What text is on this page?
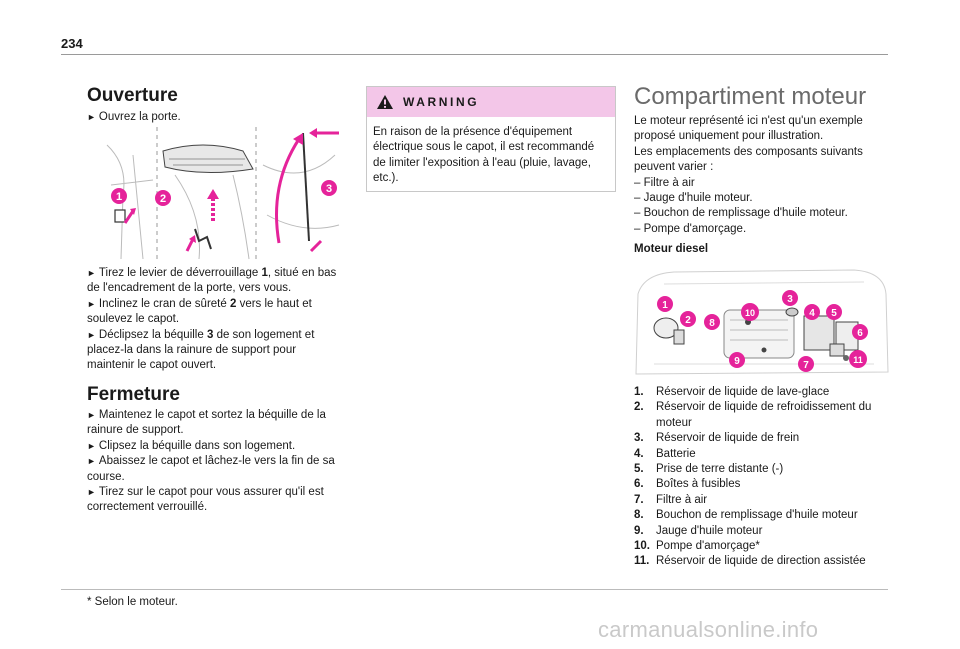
234
Ouverture
► Ouvrez la porte.
1	2
3

► Tirez le levier de déverrouillage 1, situé en bas de l'encadrement de la porte, vers vous.

► Inclinez le cran de sûreté 2 vers le haut et soulevez le capot.

► Déclipsez la béquille 3 de son logement et placez-la dans la rainure de support pour maintenir le capot ouvert.

Fermeture

► Maintenez le capot et sortez la béquille de la rainure de support.

► Clipsez la béquille dans son logement.

► Abaissez le capot et lâchez-le vers la fin de sa course.

► Tirez sur le capot pour vous assurer qu'il est correctement verrouillé.

WARNING
En raison de la présence d'équipement électrique sous le capot, il est recommandé de limiter l'exposition à l'eau (pluie, lavage, etc.).
Compartiment moteur

Le moteur représenté ici n'est qu'un exemple proposé uniquement pour illustration.

Les emplacements des composants suivants peuvent varier :

– Filtre à air
– Jauge d'huile moteur.
– Bouchon de remplissage d'huile moteur.
– Pompe d'amorçage.
Moteur diesel
1
2
3
4 5
6
7
8
9
10
11
1.	Réservoir de liquide de lave-glace
2.	Réservoir de liquide de refroidissement du moteur
3.	Réservoir de liquide de frein
4.	Batterie
5.	Prise de terre distante (-)
6.	Boîtes à fusibles
7.	Filtre à air
8.	Bouchon de remplissage d'huile moteur
9.	Jauge d'huile moteur
10. Pompe d'amorçage*
11. Réservoir de liquide de direction assistée
* Selon le moteur.
carmanualsonline.info
